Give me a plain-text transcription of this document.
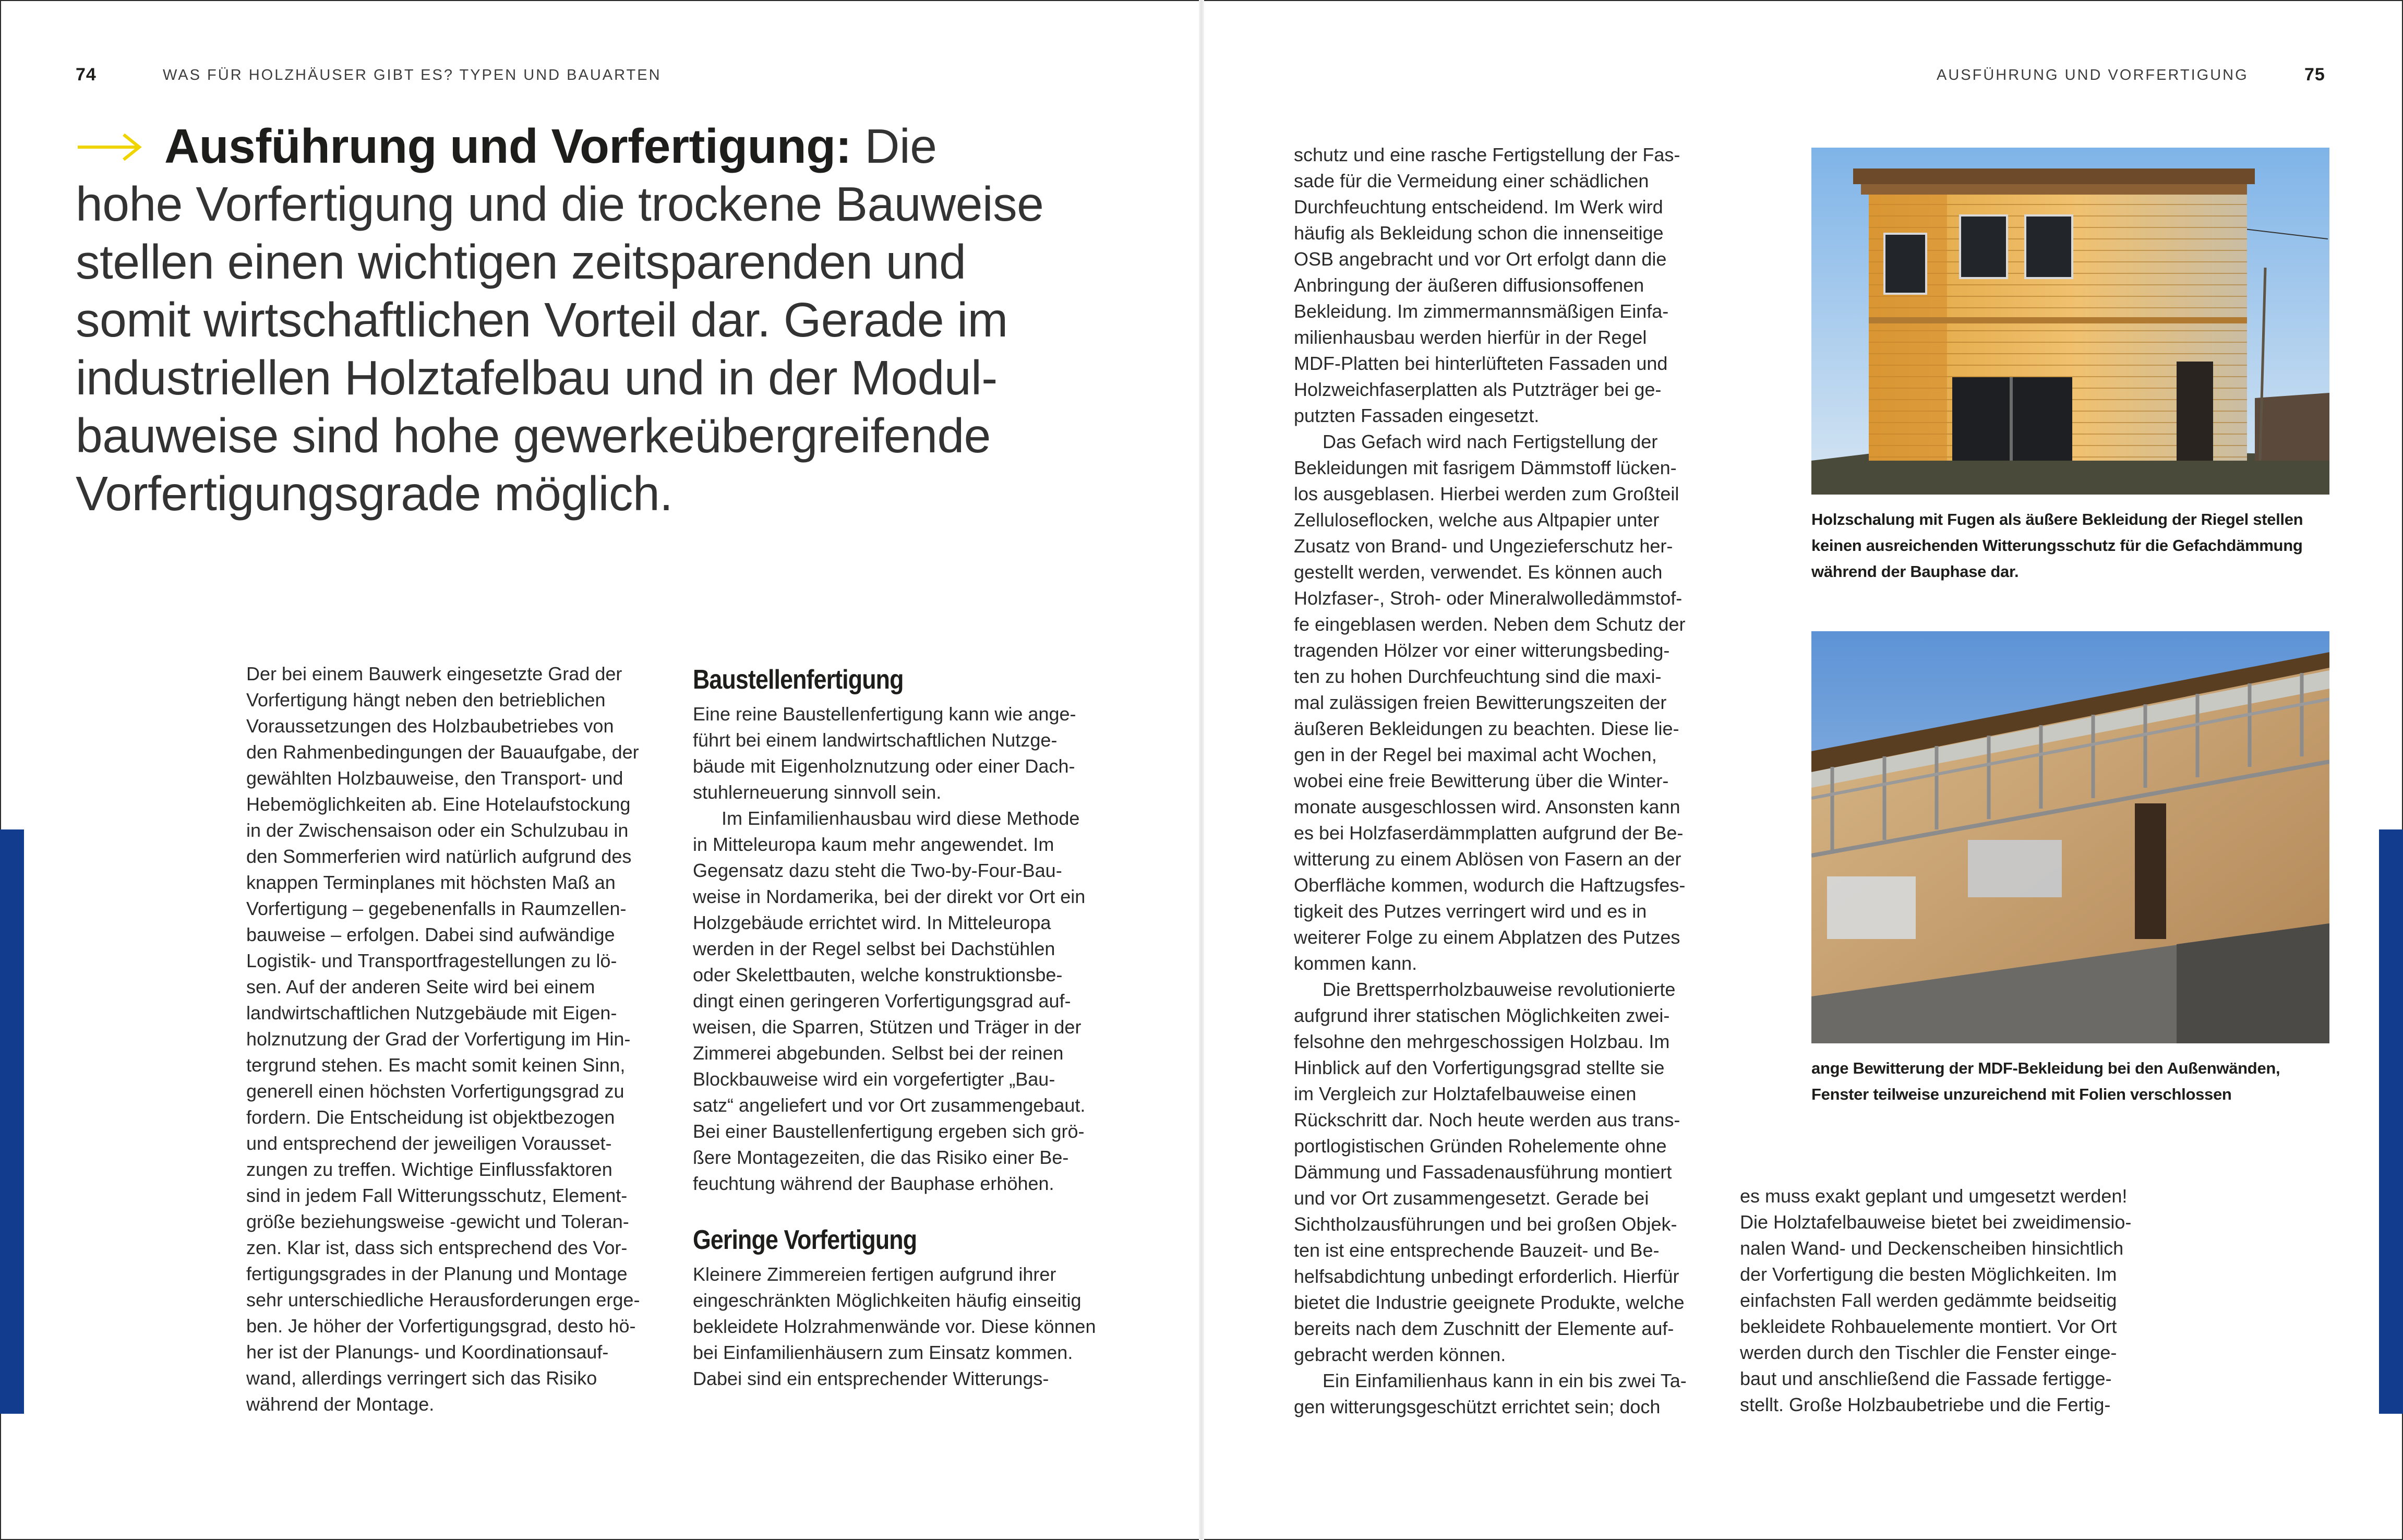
74	WAS FÜR HOLZHÄUSER GIBT ES? TYPEN UND BAUARTEN
Ausführung und Vorfertigung: Die
hohe Vorfertigung und die trockene Bauweise
stellen einen wichtigen zeitsparenden und
somit wirtschaftlichen Vorteil dar. Gerade im
industriellen Holztafelbau und in der Modul-
bauweise sind hohe gewerkeübergreifende
Vorfertigungsgrade möglich.

Der bei einem Bauwerk eingesetzte Grad der
Vorfertigung hängt neben den betrieblichen
Voraussetzungen des Holzbaubetriebes von
den Rahmenbedingungen der Bauaufgabe, der
gewählten Holzbauweise, den Transport- und
Hebemöglichkeiten ab. Eine Hotelaufstockung
in der Zwischensaison oder ein Schulzubau in
den Sommerferien wird natürlich aufgrund des
knappen Terminplanes mit höchsten Maß an
Vorfertigung – gegebenenfalls in Raumzellen-
bauweise – erfolgen. Dabei sind aufwändige
Logistik- und Transportfragestellungen zu lö-
sen. Auf der anderen Seite wird bei einem
landwirtschaftlichen Nutzgebäude mit Eigen-
holznutzung der Grad der Vorfertigung im Hin-
tergrund stehen. Es macht somit keinen Sinn,
generell einen höchsten Vorfertigungsgrad zu
fordern. Die Entscheidung ist objektbezogen
und entsprechend der jeweiligen Vorausset-
zungen zu treffen. Wichtige Einflussfaktoren
sind in jedem Fall Witterungsschutz, Element-
größe beziehungsweise -gewicht und Toleran-
zen. Klar ist, dass sich entsprechend des Vor-
fertigungsgrades in der Planung und Montage
sehr unterschiedliche Herausforderungen erge-
ben. Je höher der Vorfertigungsgrad, desto hö-
her ist der Planungs- und Koordinationsauf-
wand, allerdings verringert sich das Risiko
während der Montage.

Baustellenfertigung

Eine reine Baustellenfertigung kann wie ange-
führt bei einem landwirtschaftlichen Nutzge-
bäude mit Eigenholznutzung oder einer Dach-
stuhlerneuerung sinnvoll sein.

Im Einfamilienhausbau wird diese Methode
in Mitteleuropa kaum mehr angewendet. Im
Gegensatz dazu steht die Two-by-Four-Bau-
weise in Nordamerika, bei der direkt vor Ort ein
Holzgebäude errichtet wird. In Mitteleuropa
werden in der Regel selbst bei Dachstühlen
oder Skelettbauten, welche konstruktionsbe-
dingt einen geringeren Vorfertigungsgrad auf-
weisen, die Sparren, Stützen und Träger in der
Zimmerei abgebunden. Selbst bei der reinen
Blockbauweise wird ein vorgefertigter „Bau-
satz“ angeliefert und vor Ort zusammengebaut.
Bei einer Baustellenfertigung ergeben sich grö-
ßere Montagezeiten, die das Risiko einer Be-
feuchtung während der Bauphase erhöhen.

Geringe Vorfertigung

Kleinere Zimmereien fertigen aufgrund ihrer
eingeschränkten Möglichkeiten häufig einseitig
bekleidete Holzrahmenwände vor. Diese können
bei Einfamilienhäusern zum Einsatz kommen.
Dabei sind ein entsprechender Witterungs-

AUSFÜHRUNG UND VORFERTIGUNG	75

schutz und eine rasche Fertigstellung der Fas-
sade für die Vermeidung einer schädlichen
Durchfeuchtung entscheidend. Im Werk wird
häufig als Bekleidung schon die innenseitige
OSB angebracht und vor Ort erfolgt dann die
Anbringung der äußeren diffusionsoffenen
Bekleidung. Im zimmermannsmäßigen Einfa-
milienhausbau werden hierfür in der Regel
MDF-Platten bei hinterlüfteten Fassaden und
Holzweichfaserplatten als Putzträger bei ge-
putzten Fassaden eingesetzt.

Das Gefach wird nach Fertigstellung der
Bekleidungen mit fasrigem Dämmstoff lücken-
los ausgeblasen. Hierbei werden zum Großteil
Zelluloseflocken, welche aus Altpapier unter
Zusatz von Brand- und Ungezieferschutz her-
gestellt werden, verwendet. Es können auch
Holzfaser-, Stroh- oder Mineralwolledämmstof-
fe eingeblasen werden. Neben dem Schutz der
tragenden Hölzer vor einer witterungsbeding-
ten zu hohen Durchfeuchtung sind die maxi-
mal zulässigen freien Bewitterungszeiten der
äußeren Bekleidungen zu beachten. Diese lie-
gen in der Regel bei maximal acht Wochen,
wobei eine freie Bewitterung über die Winter-
monate ausgeschlossen wird. Ansonsten kann
es bei Holzfaserdämmplatten aufgrund der Be-
witterung zu einem Ablösen von Fasern an der
Oberfläche kommen, wodurch die Haftzugsfes-
tigkeit des Putzes verringert wird und es in
weiterer Folge zu einem Abplatzen des Putzes
kommen kann.

Die Brettsperrholzbauweise revolutionierte
aufgrund ihrer statischen Möglichkeiten zwei-
felsohne den mehrgeschossigen Holzbau. Im
Hinblick auf den Vorfertigungsgrad stellte sie
im Vergleich zur Holztafelbauweise einen
Rückschritt dar. Noch heute werden aus trans-
portlogistischen Gründen Rohelemente ohne
Dämmung und Fassadenausführung montiert
und vor Ort zusammengesetzt. Gerade bei
Sichtholzausführungen und bei großen Objek-
ten ist eine entsprechende Bauzeit- und Be-
helfsabdichtung unbedingt erforderlich. Hierfür
bietet die Industrie geeignete Produkte, welche
bereits nach dem Zuschnitt der Elemente auf-
gebracht werden können.

Ein Einfamilienhaus kann in ein bis zwei Ta-
gen witterungsgeschützt errichtet sein; doch

es muss exakt geplant und umgesetzt werden!
Die Holztafelbauweise bietet bei zweidimensio-
nalen Wand- und Deckenscheiben hinsichtlich
der Vorfertigung die besten Möglichkeiten. Im
einfachsten Fall werden gedämmte beidseitig
bekleidete Rohbauelemente montiert. Vor Ort
werden durch den Tischler die Fenster einge-
baut und anschließend die Fassade fertigge-
stellt. Große Holzbaubetriebe und die Fertig-

Holzschalung mit Fugen als äußere Bekleidung der Riegel stellen
keinen ausreichenden Witterungsschutz für die Gefachdämmung
während der Bauphase dar.
ange Bewitterung der MDF-Bekleidung bei den Außenwänden,
Fenster teilweise unzureichend mit Folien verschlossen
